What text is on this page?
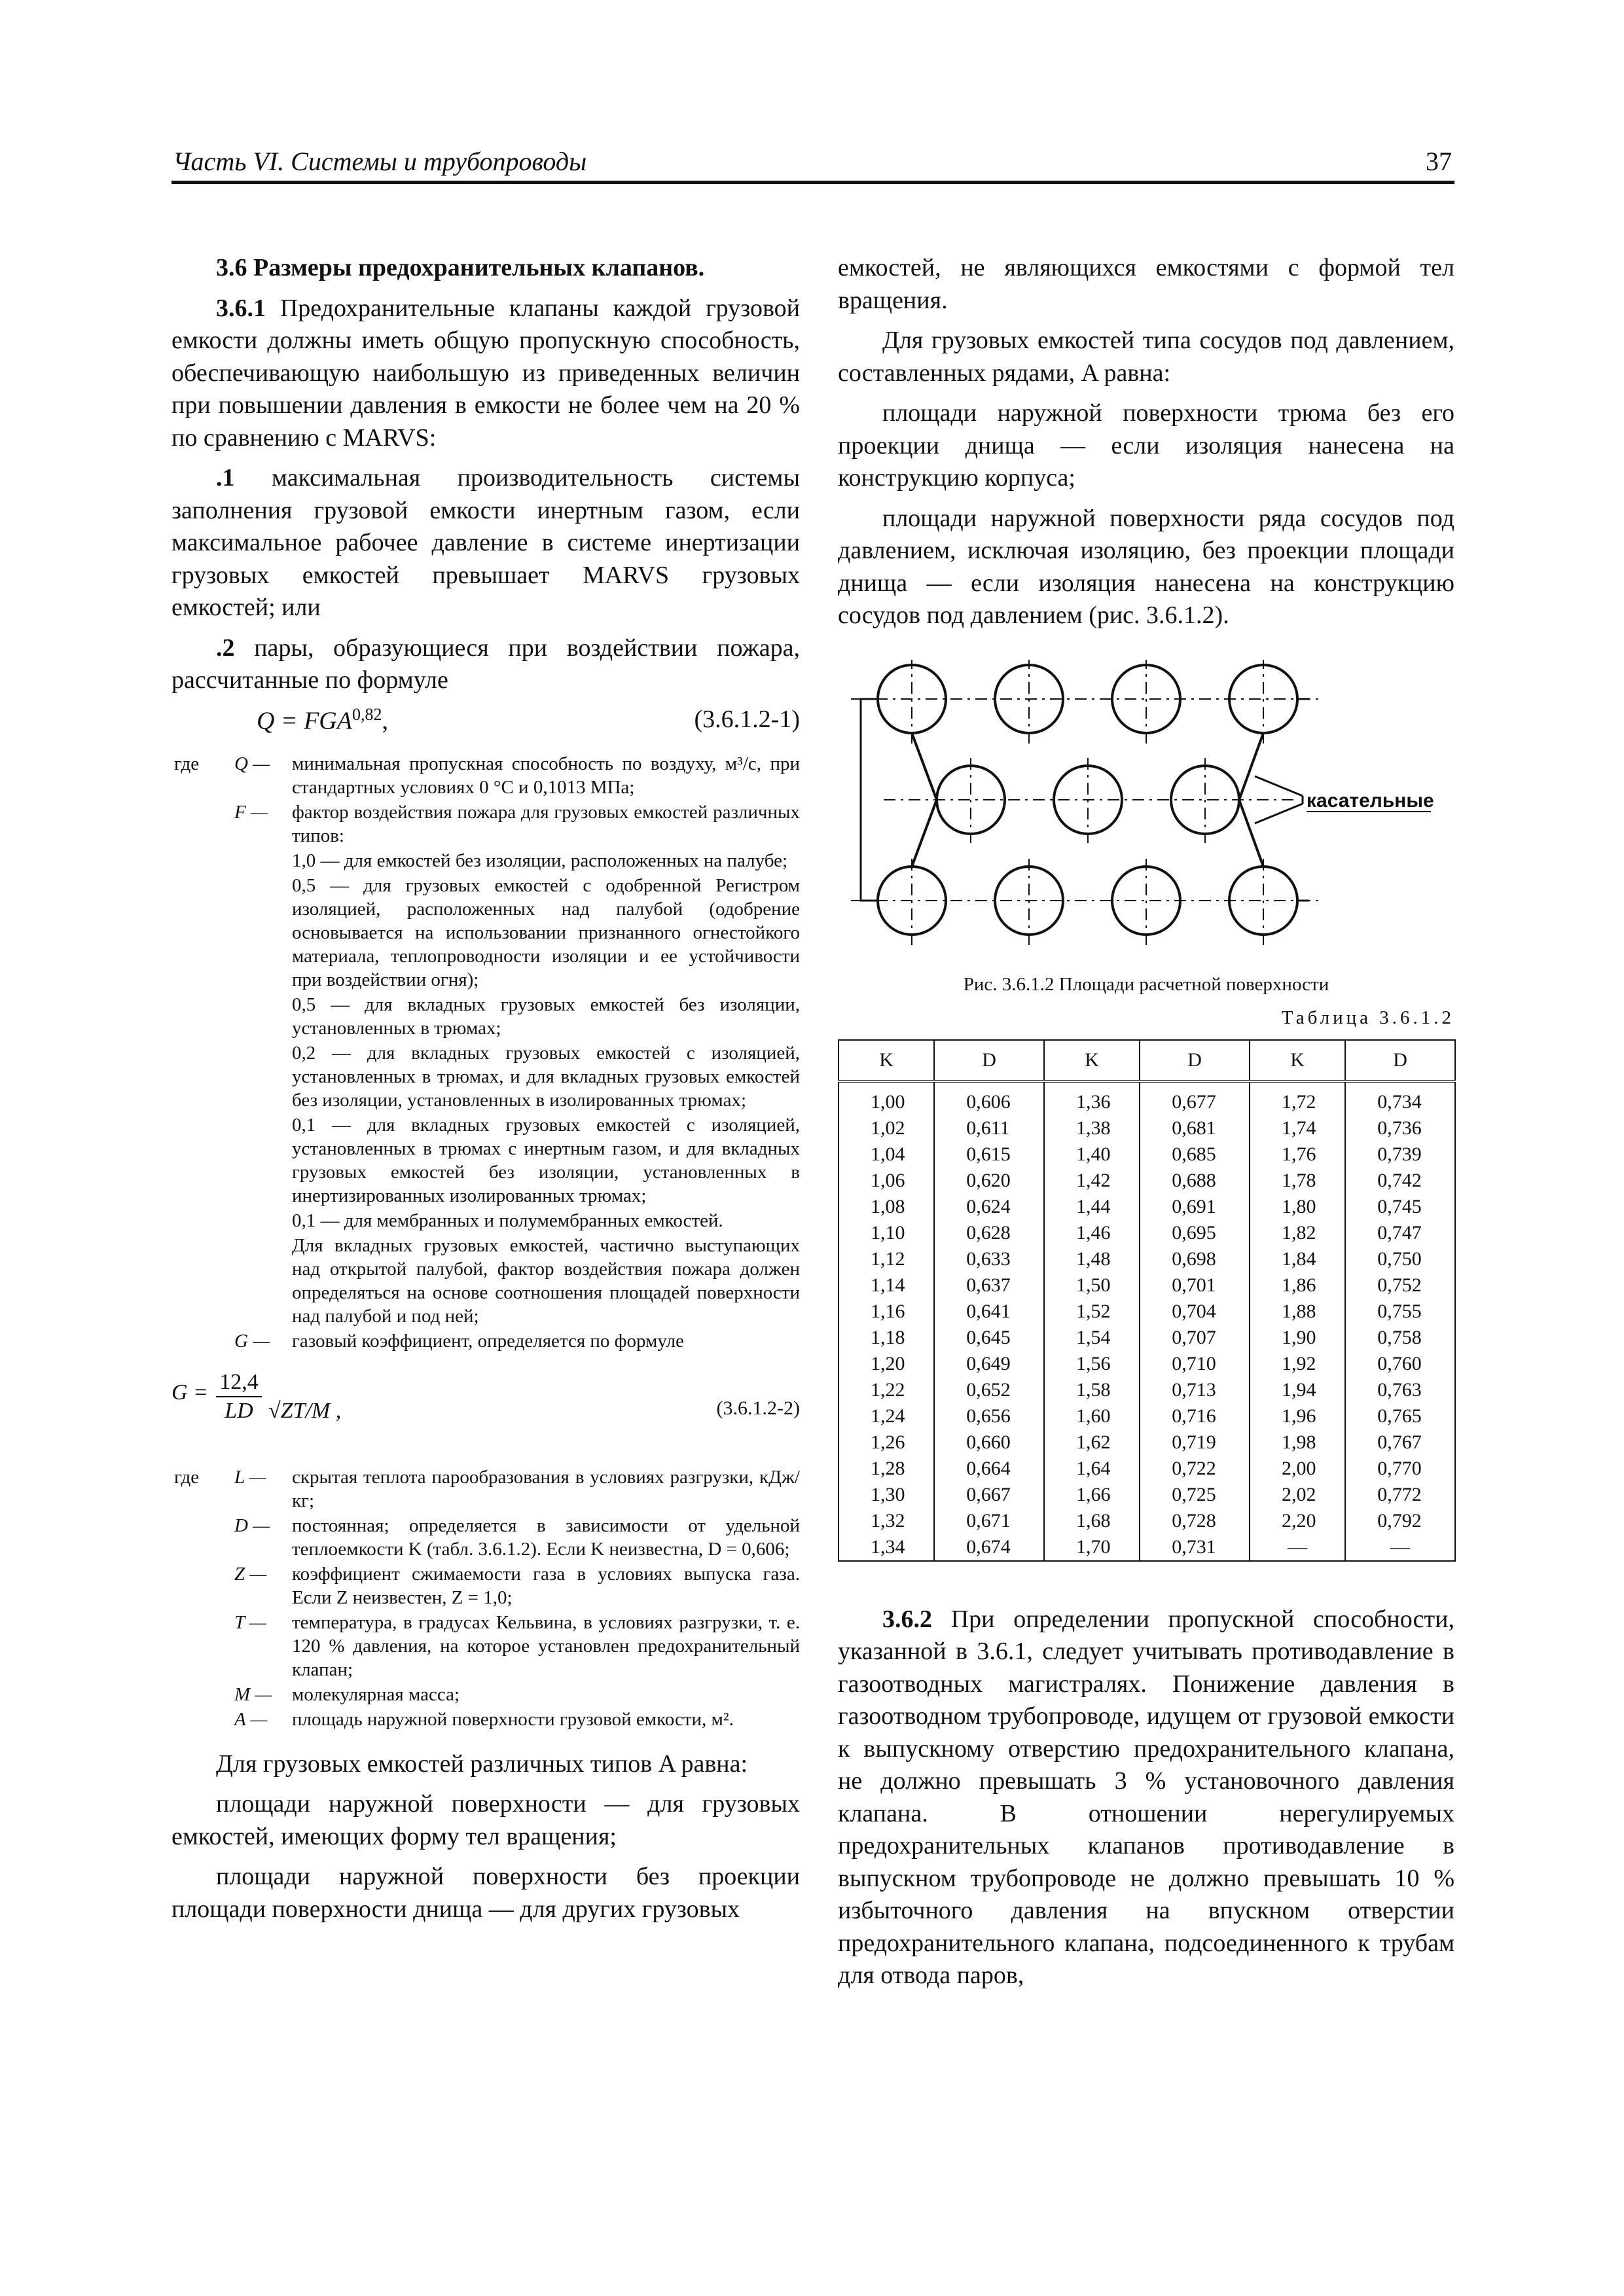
Часть VI. Системы и трубопроводы	37

3.6 Размеры предохранительных клапанов.

3.6.1 Предохранительные клапаны каждой грузовой емкости должны иметь общую пропускную способность, обеспечивающую наибольшую из приведенных величин при повышении давления в емкости не более чем на 20 % по сравнению с MARVS:

.1 максимальная производительность системы заполнения грузовой емкости инертным газом, если максимальное рабочее давление в системе инертизации грузовых емкостей превышает MARVS грузовых емкостей; или

.2 пары, образующиеся при воздействии пожара, рассчитанные по формуле

Q = FGA$^{0,82}$,	(3.6.1.2-1)
где Q —	минимальная пропускная способность по воздуху, м³/с, при стандартных условиях 0 °С и 0,1013 МПа;
F —	фактор воздействия пожара для грузовых емкостей различных типов:
1,0 — для емкостей без изоляции, расположенных на палубе;
0,5 — для грузовых емкостей с одобренной Регистром изоляцией, расположенных над палубой (одобрение основывается на использовании признанного огнестойкого материала, теплопроводности изоляции и ее устойчивости при воздействии огня);
0,5 — для вкладных грузовых емкостей без изоляции, установленных в трюмах;
0,2 — для вкладных грузовых емкостей с изоляцией, установленных в трюмах, и для вкладных грузовых емкостей без изоляции, установленных в изолированных трюмах;
0,1 — для вкладных грузовых емкостей с изоляцией, установленных в трюмах с инертным газом, и для вкладных грузовых емкостей без изоляции, установленных в инертизированных изолированных трюмах;
0,1 — для мембранных и полумембранных емкостей.
Для вкладных грузовых емкостей, частично выступающих над открытой палубой, фактор воздействия пожара должен определяться на основе соотношения площадей поверхности над палубой и под ней;
G —	газовый коэффициент, определяется по формуле
$G = \frac{12,4}{LD} √ZT/M$ ,	(3.6.1.2-2)
где L —	скрытая теплота парообразования в условиях разгрузки, кДж/кг;
D —	постоянная; определяется в зависимости от удельной теплоемкости K (табл. 3.6.1.2). Если K неизвестна, D = 0,606;
Z —	коэффициент сжимаемости газа в условиях выпуска газа. Если Z неизвестен, Z = 1,0;
T —	температура, в градусах Кельвина, в условиях разгрузки, т. е. 120 % давления, на которое установлен предохранительный клапан;
M —	молекулярная масса;
A —	площадь наружной поверхности грузовой емкости, м².

Для грузовых емкостей различных типов A равна:

площади наружной поверхности — для грузовых емкостей, имеющих форму тел вращения;

площади наружной поверхности без проекции площади поверхности днища — для других грузовых

емкостей, не являющихся емкостями с формой тел вращения.

Для грузовых емкостей типа сосудов под давлением, составленных рядами, A равна:

площади наружной поверхности трюма без его проекции днища — если изоляция нанесена на конструкцию корпуса;

площади наружной поверхности ряда сосудов под давлением, исключая изоляцию, без проекции площади днища — если изоляция нанесена на конструкцию сосудов под давлением (рис. 3.6.1.2).

касательные
Рис. 3.6.1.2 Площади расчетной поверхности
Таблица 3.6.1.2
K	D	K	D	K	D
1,00	0,606	1,36	0,677	1,72	0,734
1,02	0,611	1,38	0,681	1,74	0,736
1,04	0,615	1,40	0,685	1,76	0,739
1,06	0,620	1,42	0,688	1,78	0,742
1,08	0,624	1,44	0,691	1,80	0,745
1,10	0,628	1,46	0,695	1,82	0,747
1,12	0,633	1,48	0,698	1,84	0,750
1,14	0,637	1,50	0,701	1,86	0,752
1,16	0,641	1,52	0,704	1,88	0,755
1,18	0,645	1,54	0,707	1,90	0,758
1,20	0,649	1,56	0,710	1,92	0,760
1,22	0,652	1,58	0,713	1,94	0,763
1,24	0,656	1,60	0,716	1,96	0,765
1,26	0,660	1,62	0,719	1,98	0,767
1,28	0,664	1,64	0,722	2,00	0,770
1,30	0,667	1,66	0,725	2,02	0,772
1,32	0,671	1,68	0,728	2,20	0,792
1,34	0,674	1,70	0,731	—	—

3.6.2 При определении пропускной способности, указанной в 3.6.1, следует учитывать противодавление в газоотводных магистралях. Понижение давления в газоотводном трубопроводе, идущем от грузовой емкости к выпускному отверстию предохранительного клапана, не должно превышать 3 % установочного давления клапана. В отношении нерегулируемых предохранительных клапанов противодавление в выпускном трубопроводе не должно превышать 10 % избыточного давления на впускном отверстии предохранительного клапана, подсоединенного к трубам для отвода паров,
